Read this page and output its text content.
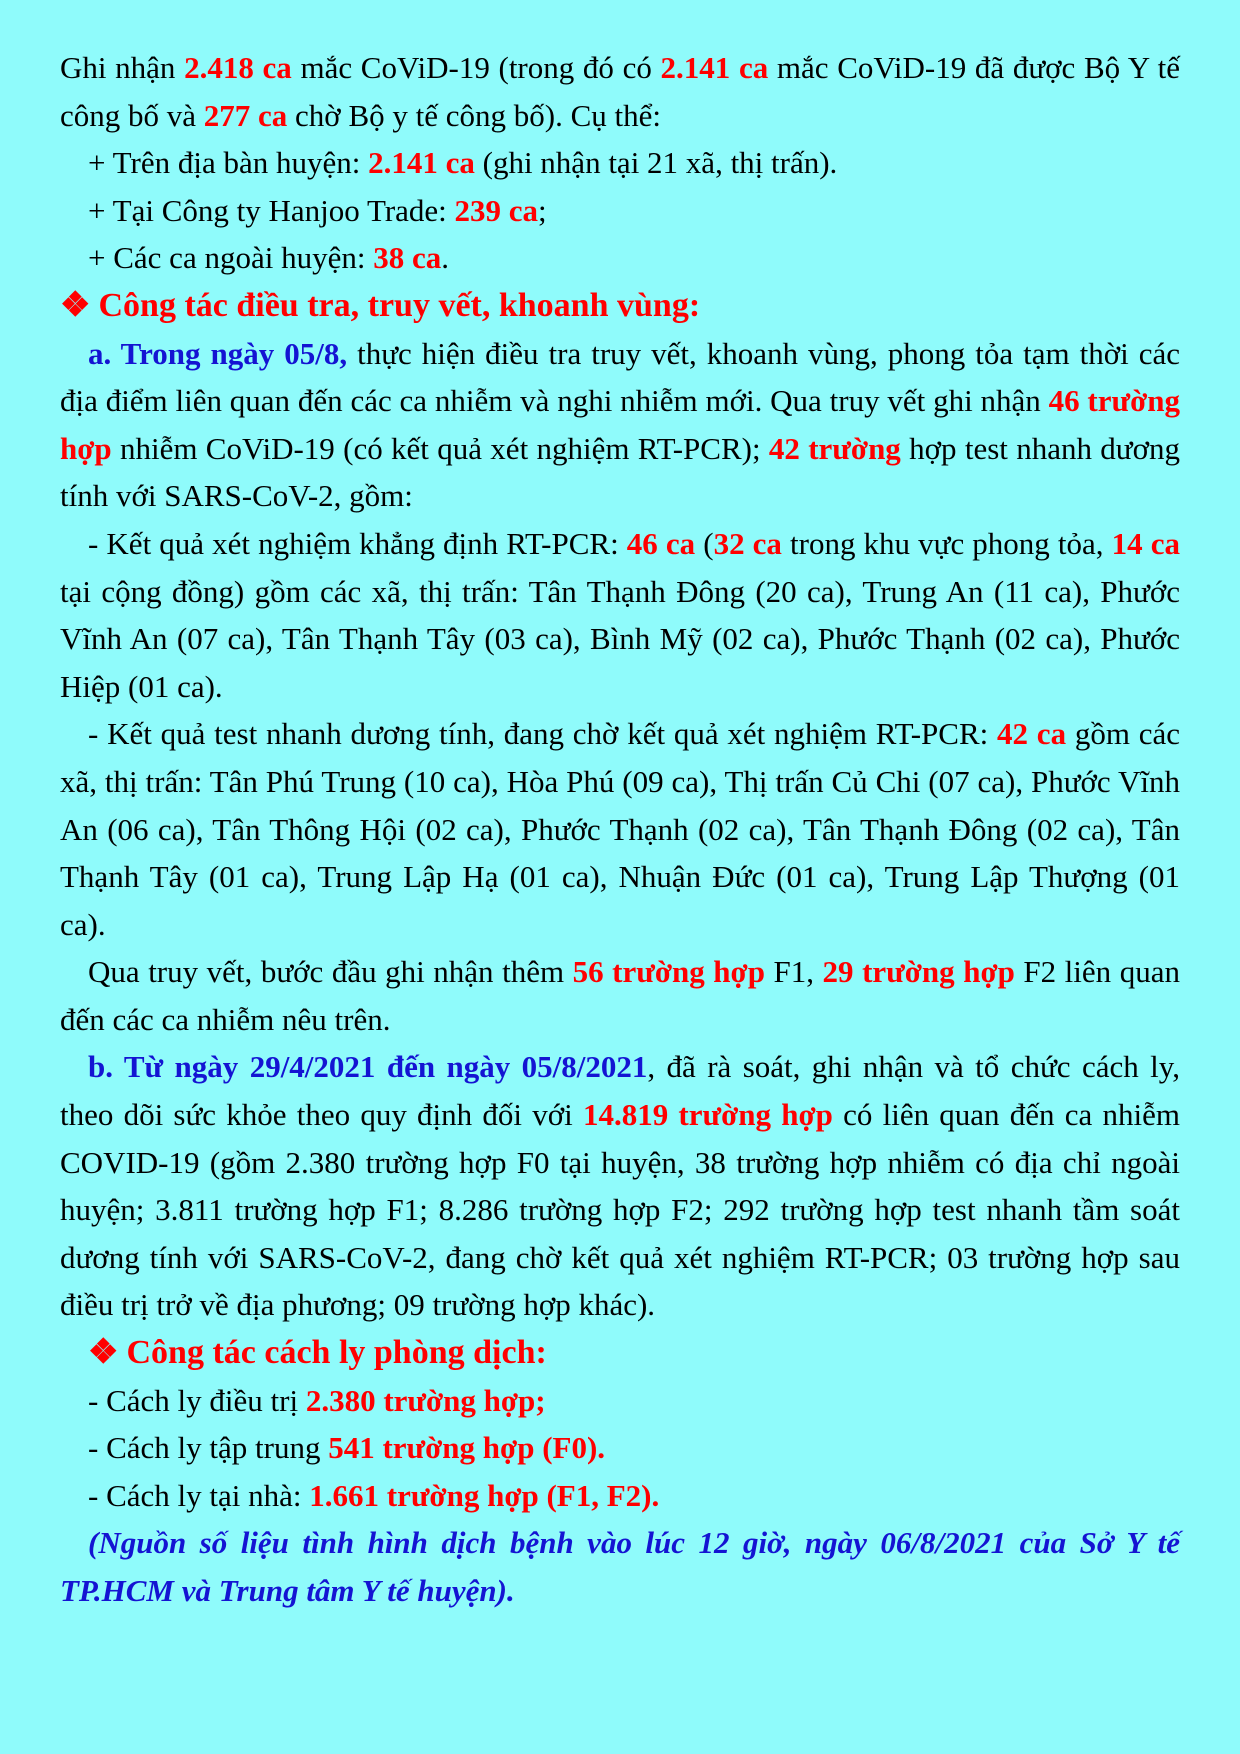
Ghi nhận 2.418 ca mắc CoViD-19 (trong đó có 2.141 ca mắc CoViD-19 đã được Bộ Y tế công bố và 277 ca chờ Bộ y tế công bố). Cụ thể:

+ Trên địa bàn huyện: 2.141 ca (ghi nhận tại 21 xã, thị trấn).

+ Tại Công ty Hanjoo Trade: 239 ca;

+ Các ca ngoài huyện: 38 ca.

❖ Công tác điều tra, truy vết, khoanh vùng:

a. Trong ngày 05/8, thực hiện điều tra truy vết, khoanh vùng, phong tỏa tạm thời các địa điểm liên quan đến các ca nhiễm và nghi nhiễm mới. Qua truy vết ghi nhận 46 trường hợp nhiễm CoViD-19 (có kết quả xét nghiệm RT-PCR); 42 trường hợp test nhanh dương tính với SARS-CoV-2, gồm:

- Kết quả xét nghiệm khẳng định RT-PCR: 46 ca (32 ca trong khu vực phong tỏa, 14 ca tại cộng đồng) gồm các xã, thị trấn: Tân Thạnh Đông (20 ca), Trung An (11 ca), Phước Vĩnh An (07 ca), Tân Thạnh Tây (03 ca), Bình Mỹ (02 ca), Phước Thạnh (02 ca), Phước Hiệp (01 ca).

- Kết quả test nhanh dương tính, đang chờ kết quả xét nghiệm RT-PCR: 42 ca gồm các xã, thị trấn: Tân Phú Trung (10 ca), Hòa Phú (09 ca), Thị trấn Củ Chi (07 ca), Phước Vĩnh An (06 ca), Tân Thông Hội (02 ca), Phước Thạnh (02 ca), Tân Thạnh Đông (02 ca), Tân Thạnh Tây (01 ca), Trung Lập Hạ (01 ca), Nhuận Đức (01 ca), Trung Lập Thượng (01 ca).

Qua truy vết, bước đầu ghi nhận thêm 56 trường hợp F1, 29 trường hợp F2 liên quan đến các ca nhiễm nêu trên.

b. Từ ngày 29/4/2021 đến ngày 05/8/2021, đã rà soát, ghi nhận và tổ chức cách ly, theo dõi sức khỏe theo quy định đối với 14.819 trường hợp có liên quan đến ca nhiễm COVID-19 (gồm 2.380 trường hợp F0 tại huyện, 38 trường hợp nhiễm có địa chỉ ngoài huyện; 3.811 trường hợp F1; 8.286 trường hợp F2; 292 trường hợp test nhanh tầm soát dương tính với SARS-CoV-2, đang chờ kết quả xét nghiệm RT-PCR; 03 trường hợp sau điều trị trở về địa phương; 09 trường hợp khác).

❖ Công tác cách ly phòng dịch:

- Cách ly điều trị 2.380 trường hợp;

- Cách ly tập trung 541 trường hợp (F0).

- Cách ly tại nhà: 1.661 trường hợp (F1, F2).

(Nguồn số liệu tình hình dịch bệnh vào lúc 12 giờ, ngày 06/8/2021 của Sở Y tế TP.HCM và Trung tâm Y tế huyện).
